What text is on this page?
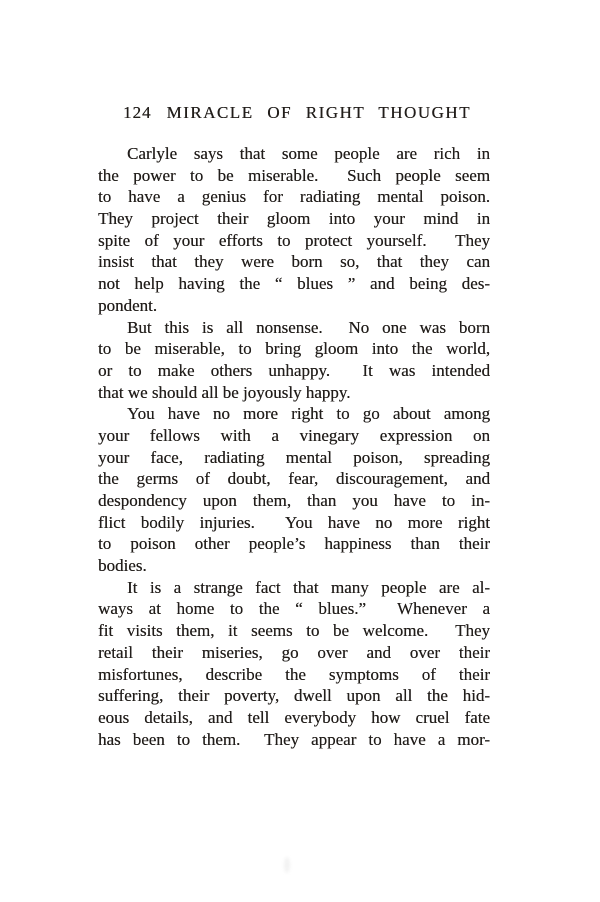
124 MIRACLE OF RIGHT THOUGHT
Carlyle says that some people are rich in
the power to be miserable.  Such people seem
to have a genius for radiating mental poison.
They project their gloom into your mind in
spite of your efforts to protect yourself.  They
insist that they were born so, that they can
not help having the “ blues ” and being des-
pondent.
But this is all nonsense.  No one was born
to be miserable, to bring gloom into the world,
or to make others unhappy.  It was intended
that we should all be joyously happy.
You have no more right to go about among
your fellows with a vinegary expression on
your face, radiating mental poison, spreading
the germs of doubt, fear, discouragement, and
despondency upon them, than you have to in-
flict bodily injuries.  You have no more right
to poison other people’s happiness than their
bodies.
It is a strange fact that many people are al-
ways at home to the “ blues.”  Whenever a
fit visits them, it seems to be welcome.  They
retail their miseries, go over and over their
misfortunes, describe the symptoms of their
suffering, their poverty, dwell upon all the hid-
eous details, and tell everybody how cruel fate
has been to them.  They appear to have a mor-
